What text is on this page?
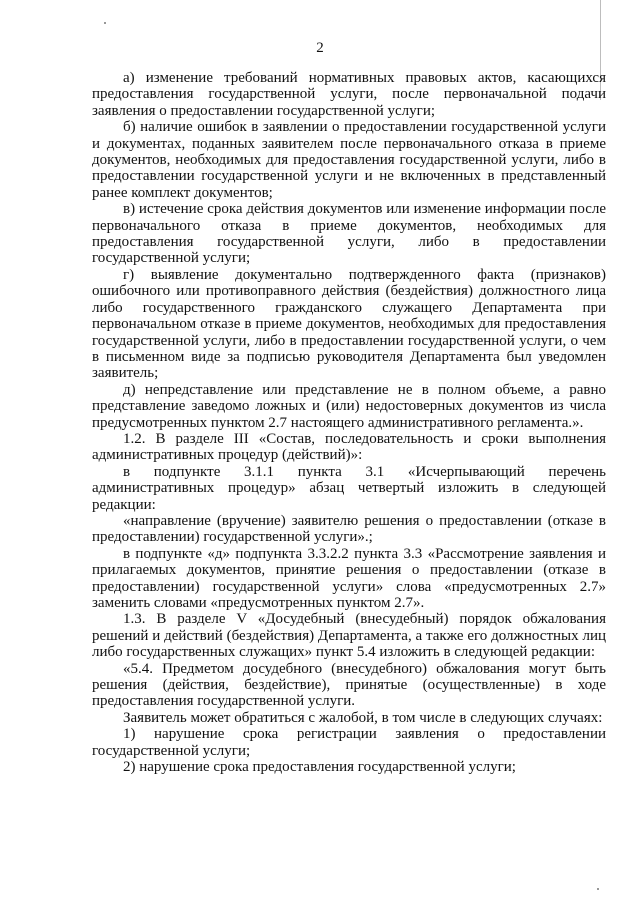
2

а) изменение требований нормативных правовых актов, касающихся предоставления государственной услуги, после первоначальной подачи заявления о предоставлении государственной услуги;

б) наличие ошибок в заявлении о предоставлении государственной услуги и документах, поданных заявителем после первоначального отказа в приеме документов, необходимых для предоставления государственной услуги, либо в предоставлении государственной услуги и не включенных в представленный ранее комплект документов;

в) истечение срока действия документов или изменение информации после первоначального отказа в приеме документов, необходимых для предоставления государственной услуги, либо в предоставлении государственной услуги;

г) выявление документально подтвержденного факта (признаков) ошибочного или противоправного действия (бездействия) должностного лица либо государственного гражданского служащего Департамента при первоначальном отказе в приеме документов, необходимых для предоставления государственной услуги, либо в предоставлении государственной услуги, о чем в письменном виде за подписью руководителя Департамента был уведомлен заявитель;

д) непредставление или представление не в полном объеме, а равно представление заведомо ложных и (или) недостоверных документов из числа предусмотренных пунктом 2.7 настоящего административного регламента.».

1.2. В разделе III «Состав, последовательность и сроки выполнения административных процедур (действий)»:

в подпункте 3.1.1 пункта 3.1 «Исчерпывающий перечень административных процедур» абзац четвертый изложить в следующей редакции:

«направление (вручение) заявителю решения о предоставлении (отказе в предоставлении) государственной услуги».;

в подпункте «д» подпункта 3.3.2.2 пункта 3.3 «Рассмотрение заявления и прилагаемых документов, принятие решения о предоставлении (отказе в предоставлении) государственной услуги» слова «предусмотренных 2.7» заменить словами «предусмотренных пунктом 2.7».

1.3. В разделе V «Досудебный (внесудебный) порядок обжалования решений и действий (бездействия) Департамента, а также его должностных лиц либо государственных служащих» пункт 5.4 изложить в следующей редакции:

«5.4. Предметом досудебного (внесудебного) обжалования могут быть решения (действия, бездействие), принятые (осуществленные) в ходе предоставления государственной услуги.

Заявитель может обратиться с жалобой, в том числе в следующих случаях:

1) нарушение срока регистрации заявления о предоставлении государственной услуги;

2) нарушение срока предоставления государственной услуги;
